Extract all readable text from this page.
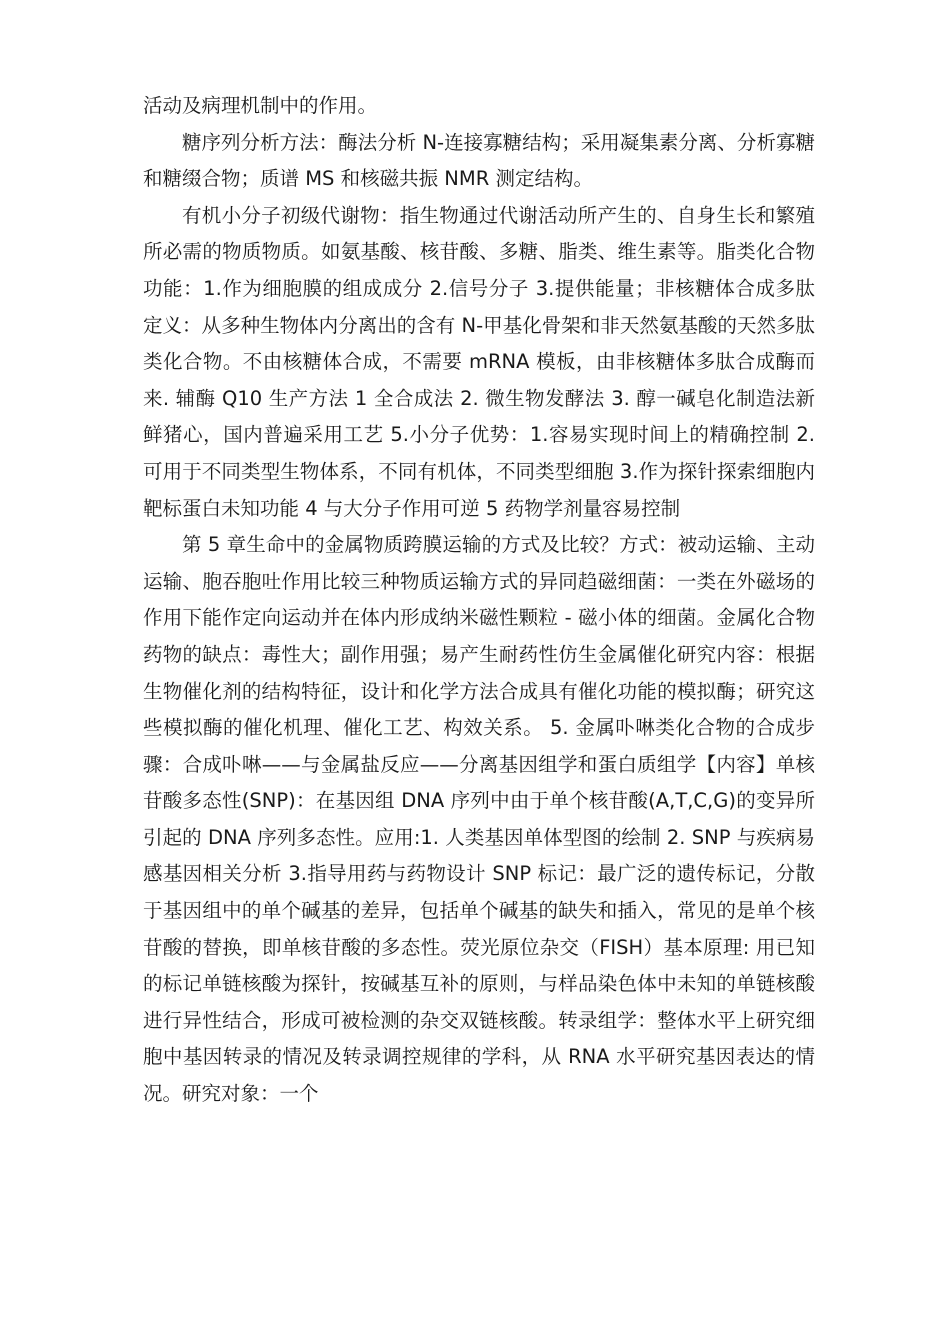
活动及病理机制中的作用。

糖序列分析方法：酶法分析 N-连接寡糖结构；采用凝集素分离、分析寡糖和糖缀合物；质谱 MS 和核磁共振 NMR 测定结构。

有机小分子初级代谢物：指生物通过代谢活动所产生的、自身生长和繁殖所必需的物质物质。如氨基酸、核苷酸、多糖、脂类、维生素等。脂类化合物功能：1.作为细胞膜的组成成分 2.信号分子 3.提供能量；非核糖体合成多肽定义：从多种生物体内分离出的含有 N-甲基化骨架和非天然氨基酸的天然多肽类化合物。不由核糖体合成，不需要 mRNA 模板，由非核糖体多肽合成酶而来. 辅酶 Q10 生产方法 1 全合成法 2. 微生物发酵法 3. 醇一碱皂化制造法新鲜猪心，国内普遍采用工艺 5.小分子优势：1.容易实现时间上的精确控制 2.可用于不同类型生物体系，不同有机体，不同类型细胞 3.作为探针探索细胞内靶标蛋白未知功能 4 与大分子作用可逆 5 药物学剂量容易控制

第 5 章生命中的金属物质跨膜运输的方式及比较？方式：被动运输、主动运输、胞吞胞吐作用比较三种物质运输方式的异同趋磁细菌：一类在外磁场的作用下能作定向运动并在体内形成纳米磁性颗粒 - 磁小体的细菌。金属化合物药物的缺点：毒性大；副作用强；易产生耐药性仿生金属催化研究内容：根据生物催化剂的结构特征，设计和化学方法合成具有催化功能的模拟酶；研究这些模拟酶的催化机理、催化工艺、构效关系。 5. 金属卟啉类化合物的合成步骤：合成卟啉——与金属盐反应——分离基因组学和蛋白质组学【内容】单核苷酸多态性(SNP)：在基因组 DNA 序列中由于单个核苷酸(A,T,C,G)的变异所引起的 DNA 序列多态性。应用:1. 人类基因单体型图的绘制 2. SNP 与疾病易感基因相关分析 3.指导用药与药物设计 SNP 标记：最广泛的遗传标记，分散于基因组中的单个碱基的差异，包括单个碱基的缺失和插入，常见的是单个核苷酸的替换，即单核苷酸的多态性。荧光原位杂交（FISH）基本原理: 用已知的标记单链核酸为探针，按碱基互补的原则，与样品染色体中未知的单链核酸进行异性结合，形成可被检测的杂交双链核酸。转录组学：整体水平上研究细胞中基因转录的情况及转录调控规律的学科，从 RNA 水平研究基因表达的情况。研究对象：一个
